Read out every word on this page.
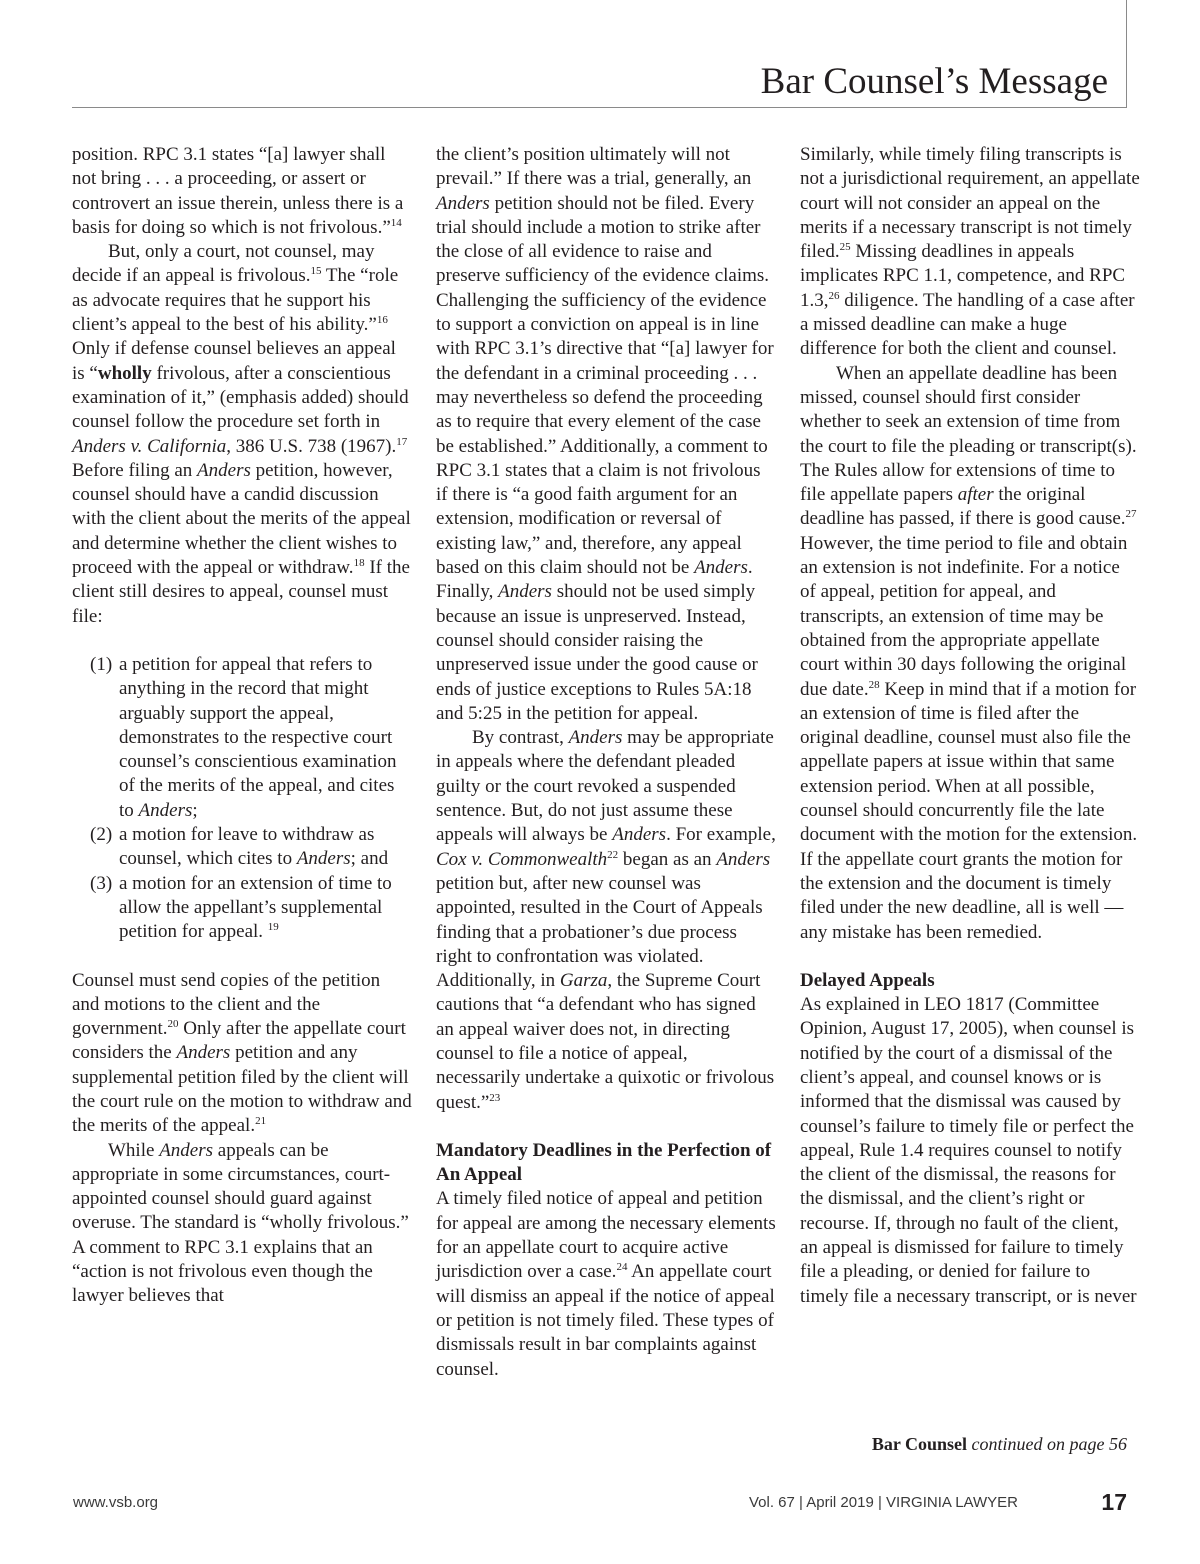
Bar Counsel’s Message

position. RPC 3.1 states “[a] lawyer shall not bring . . . a proceeding, or assert or controvert an issue therein, unless there is a basis for doing so which is not frivolous.”$^{14}$

But, only a court, not counsel, may decide if an appeal is frivolous.$^{15}$ The “role as advocate requires that he support his client’s appeal to the best of his ability.”$^{16}$ Only if defense counsel believes an appeal is “wholly frivolous, after a conscientious examination of it,” (emphasis added) should counsel follow the procedure set forth in Anders v. California, 386 U.S. 738 (1967).$^{17}$ Before filing an Anders petition, however, counsel should have a candid discussion with the client about the merits of the appeal and determine whether the client wishes to proceed with the appeal or withdraw.$^{18}$ If the client still desires to appeal, counsel must file:

(1) a petition for appeal that refers to anything in the record that might arguably support the appeal, demonstrates to the respective court counsel’s conscientious examination of the merits of the appeal, and cites to Anders;
(2) a motion for leave to withdraw as counsel, which cites to Anders; and
(3) a motion for an extension of time to allow the appellant’s supplemental petition for appeal. $^{19}$

Counsel must send copies of the petition and motions to the client and the government.$^{20}$ Only after the appellate court considers the Anders petition and any supplemental petition filed by the client will the court rule on the motion to withdraw and the merits of the appeal.$^{21}$

While Anders appeals can be appropriate in some circumstances, court-appointed counsel should guard against overuse. The standard is “wholly frivolous.” A comment to RPC 3.1 explains that an “action is not frivolous even though the lawyer believes that

the client’s position ultimately will not prevail.” If there was a trial, generally, an Anders petition should not be filed. Every trial should include a motion to strike after the close of all evidence to raise and preserve sufficiency of the evidence claims. Challenging the sufficiency of the evidence to support a conviction on appeal is in line with RPC 3.1’s directive that “[a] lawyer for the defendant in a criminal proceeding . . . may nevertheless so defend the proceeding as to require that every element of the case be established.” Additionally, a comment to RPC 3.1 states that a claim is not frivolous if there is “a good faith argument for an extension, modification or reversal of existing law,” and, therefore, any appeal based on this claim should not be Anders. Finally, Anders should not be used simply because an issue is unpreserved. Instead, counsel should consider raising the unpreserved issue under the good cause or ends of justice exceptions to Rules 5A:18 and 5:25 in the petition for appeal.

By contrast, Anders may be appropriate in appeals where the defendant pleaded guilty or the court revoked a suspended sentence. But, do not just assume these appeals will always be Anders. For example, Cox v. Commonwealth$^{22}$ began as an Anders petition but, after new counsel was appointed, resulted in the Court of Appeals finding that a probationer’s due process right to confrontation was violated. Additionally, in Garza, the Supreme Court cautions that “a defendant who has signed an appeal waiver does not, in directing counsel to file a notice of appeal, necessarily undertake a quixotic or frivolous quest.”$^{23}$

Mandatory Deadlines in the Perfection of An Appeal

A timely filed notice of appeal and petition for appeal are among the necessary elements for an appellate court to acquire active jurisdiction over a case.$^{24}$ An appellate court will dismiss an appeal if the notice of appeal or petition is not timely filed. These types of dismissals result in bar complaints against counsel.

Similarly, while timely filing transcripts is not a jurisdictional requirement, an appellate court will not consider an appeal on the merits if a necessary transcript is not timely filed.$^{25}$ Missing deadlines in appeals implicates RPC 1.1, competence, and RPC 1.3,26 diligence. The handling of a case after a missed deadline can make a huge difference for both the client and counsel.

When an appellate deadline has been missed, counsel should first consider whether to seek an extension of time from the court to file the pleading or transcript(s). The Rules allow for extensions of time to file appellate papers after the original deadline has passed, if there is good cause.$^{27}$ However, the time period to file and obtain an extension is not indefinite. For a notice of appeal, petition for appeal, and transcripts, an extension of time may be obtained from the appropriate appellate court within 30 days following the original due date.$^{28}$ Keep in mind that if a motion for an extension of time is filed after the original deadline, counsel must also file the appellate papers at issue within that same extension period. When at all possible, counsel should concurrently file the late document with the motion for the extension. If the appellate court grants the motion for the extension and the document is timely filed under the new deadline, all is well — any mistake has been remedied.

Delayed Appeals

As explained in LEO 1817 (Committee Opinion, August 17, 2005), when counsel is notified by the court of a dismissal of the client’s appeal, and counsel knows or is informed that the dismissal was caused by counsel’s failure to timely file or perfect the appeal, Rule 1.4 requires counsel to notify the client of the dismissal, the reasons for the dismissal, and the client’s right or recourse. If, through no fault of the client, an appeal is dismissed for failure to timely file a pleading, or denied for failure to timely file a necessary transcript, or is never

Bar Counsel continued on page 56
www.vsb.org	Vol. 67 | April 2019 | VIRGINIA LAWYER	17
